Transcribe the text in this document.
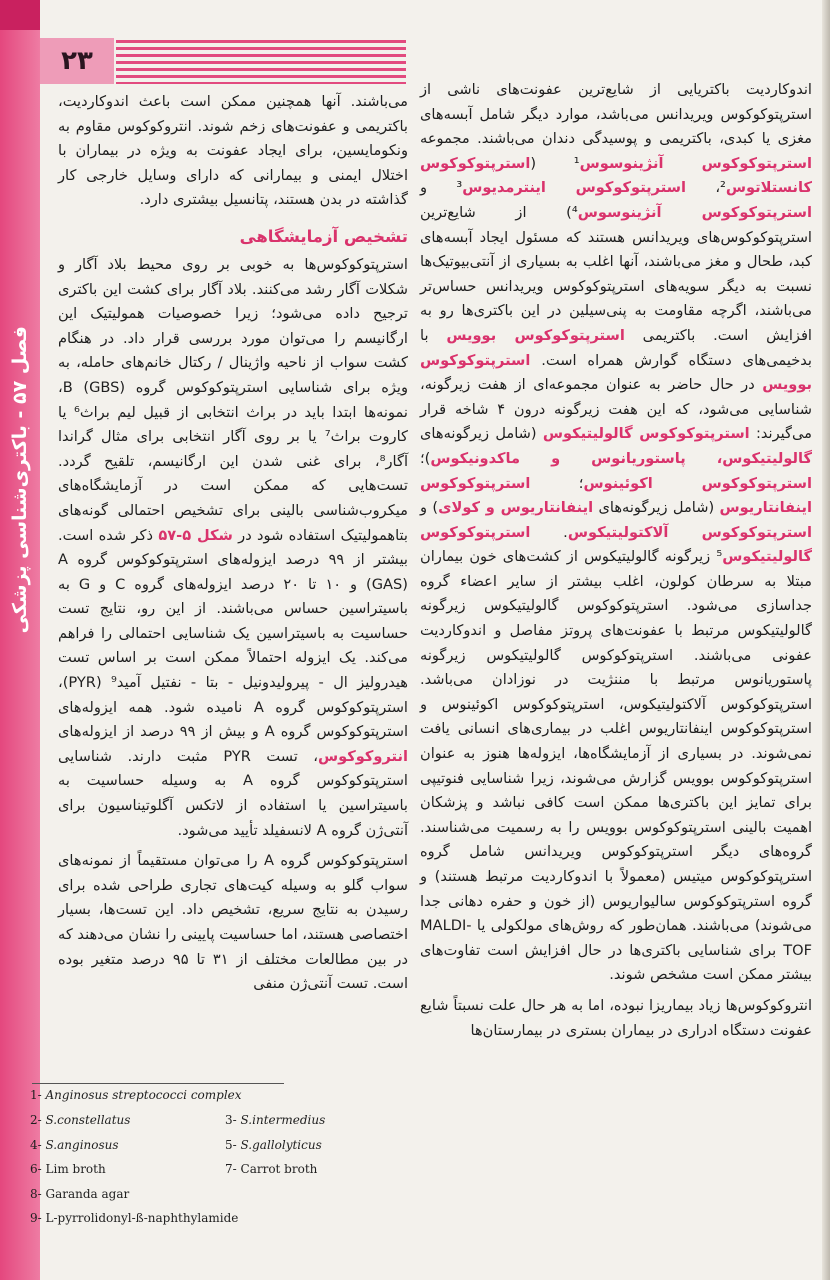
فصل ۵۷ - باکتری‌شناسی پزشکی
۲۳

اندوکاردیت باکتریایی از شایع‌ترین عفونت‌های ناشی از استرپتوکوکوس ویریدانس می‌باشد، موارد دیگر شامل آبسه‌های مغزی یا کبدی، باکتریمی و پوسیدگی دندان می‌باشند. مجموعه استرپتوکوکوس آنژینوسوس¹ (استرپتوکوکوس کانستلاتوس²، استرپتوکوکوس اینترمدیوس³ و استرپتوکوکوس آنژینوسوس⁴) از شایع‌ترین استرپتوکوکوس‌های ویریدانس هستند که مسئول ایجاد آبسه‌های کبد، طحال و مغز می‌باشند، آنها اغلب به بسیاری از آنتی‌بیوتیک‌ها نسبت به دیگر سویه‌های استرپتوکوکوس ویریدانس حساس‌تر می‌باشند، اگرچه مقاومت به پنی‌سیلین در این باکتری‌ها رو به افزایش است. باکتریمی استرپتوکوکوس بوویس با بدخیمی‌های دستگاه گوارش همراه است. استرپتوکوکوس بوویس در حال حاضر به عنوان مجموعه‌ای از هفت زیرگونه، شناسایی می‌شود، که این هفت زیرگونه درون ۴ شاخه قرار می‌گیرند: استرپتوکوکوس گالولیتیکوس (شامل زیرگونه‌های گالولیتیکوس، پاستوریانوس و ماکدونیکوس)؛ استرپتوکوکوس اکوئینوس؛ استرپتوکوکوس اینفانتاریوس (شامل زیرگونه‌های اینفانتاریوس و کولای) و استرپتوکوکوس آلاکتولیتیکوس. استرپتوکوکوس گالولیتیکوس⁵ زیرگونه گالولیتیکوس از کشت‌های خون بیماران مبتلا به سرطان کولون، اغلب بیشتر از سایر اعضاء گروه جداسازی می‌شود. استرپتوکوکوس گالولیتیکوس زیرگونه گالولیتیکوس مرتبط با عفونت‌های پروتز مفاصل و اندوکاردیت عفونی می‌باشند. استرپتوکوکوس گالولیتیکوس زیرگونه پاستوریانوس مرتبط با مننژیت در نوزادان می‌باشد. استرپتوکوکوس آلاکتولیتیکوس، استرپتوکوکوس اکوئینوس و استرپتوکوکوس اینفانتاریوس اغلب در بیماری‌های انسانی یافت نمی‌شوند. در بسیاری از آزمایشگاه‌ها، ایزوله‌ها هنوز به عنوان استرپتوکوکوس بوویس گزارش می‌شوند، زیرا شناسایی فنوتیپی برای تمایز این باکتری‌ها ممکن است کافی نباشد و پزشکان اهمیت بالینی استرپتوکوکوس بوویس را به رسمیت می‌شناسند. گروه‌های دیگر استرپتوکوکوس ویریدانس شامل گروه استرپتوکوکوس میتیس (معمولاً با اندوکاردیت مرتبط هستند) و گروه استرپتوکوکوس سالیواریوس (از خون و حفره دهانی جدا می‌شوند) می‌باشند. همان‌طور که روش‌های مولکولی یا MALDI-TOF برای شناسایی باکتری‌ها در حال افزایش است تفاوت‌های بیشتر ممکن است مشخص شوند.

انتروکوکوس‌ها زیاد بیماریزا نبوده، اما به هر حال علت نسبتاً شایع عفونت دستگاه ادراری در بیماران بستری در بیمارستان‌ها

می‌باشند. آنها همچنین ممکن است باعث اندوکاردیت، باکتریمی و عفونت‌های زخم شوند. انتروکوکوس مقاوم به ونکومایسین، برای ایجاد عفونت به ویژه در بیماران با اختلال ایمنی و بیمارانی که دارای وسایل خارجی کار گذاشته در بدن هستند، پتانسیل بیشتری دارد.

تشخیص آزمایشگاهی

استرپتوکوکوس‌ها به خوبی بر روی محیط بلاد آگار و شکلات آگار رشد می‌کنند. بلاد آگار برای کشت این باکتری ترجیح داده می‌شود؛ زیرا خصوصیات همولیتیک این ارگانیسم را می‌توان مورد بررسی قرار داد. در هنگام کشت سواب از ناحیه واژینال / رکتال خانم‌های حامله، به ویژه برای شناسایی استرپتوکوکوس گروه B (GBS)، نمونه‌ها ابتدا باید در براث انتخابی از قبیل لیم براث⁶ یا کاروت براث⁷ یا بر روی آگار انتخابی برای مثال گراندا آگار⁸، برای غنی شدن این ارگانیسم، تلقیح گردد. تست‌هایی که ممکن است در آزمایشگاه‌های میکروب‌شناسی بالینی برای تشخیص احتمالی گونه‌های بتاهمولیتیک استفاده شود در شکل ۵-۵۷ ذکر شده است. بیشتر از ۹۹ درصد ایزوله‌های استرپتوکوکوس گروه A (GAS) و ۱۰ تا ۲۰ درصد ایزوله‌های گروه C و G به باسیتراسین حساس می‌باشند. از این رو، نتایج تست حساسیت به باسیتراسین یک شناسایی احتمالی را فراهم می‌کند. یک ایزوله احتمالاً ممکن است بر اساس تست هیدرولیز ال - پیرولیدونیل - بتا - نفتیل آمید⁹ (PYR)، استرپتوکوکوس گروه A نامیده شود. همه ایزوله‌های استرپتوکوکوس گروه A و بیش از ۹۹ درصد از ایزوله‌های انتروکوکوس، تست PYR مثبت دارند. شناسایی استرپتوکوکوس گروه A به وسیله حساسیت به باسیتراسین یا استفاده از لاتکس آگلوتیناسیون برای آنتی‌ژن گروه A لانسفیلد تأیید می‌شود.

استرپتوکوکوس گروه A را می‌توان مستقیماً از نمونه‌های سواب گلو به وسیله کیت‌های تجاری طراحی شده برای رسیدن به نتایج سریع، تشخیص داد. این تست‌ها، بسیار اختصاصی هستند، اما حساسیت پایینی را نشان می‌دهند که در بین مطالعات مختلف از ۳۱ تا ۹۵ درصد متغیر بوده است. تست آنتی‌ژن منفی

1- Anginosus streptococci complex
2- S.constellatus	3- S.intermedius
4- S.anginosus	5- S.gallolyticus
6- Lim broth	7- Carrot broth
8- Garanda agar
9- L-pyrrolidonyl-ß-naphthylamide
